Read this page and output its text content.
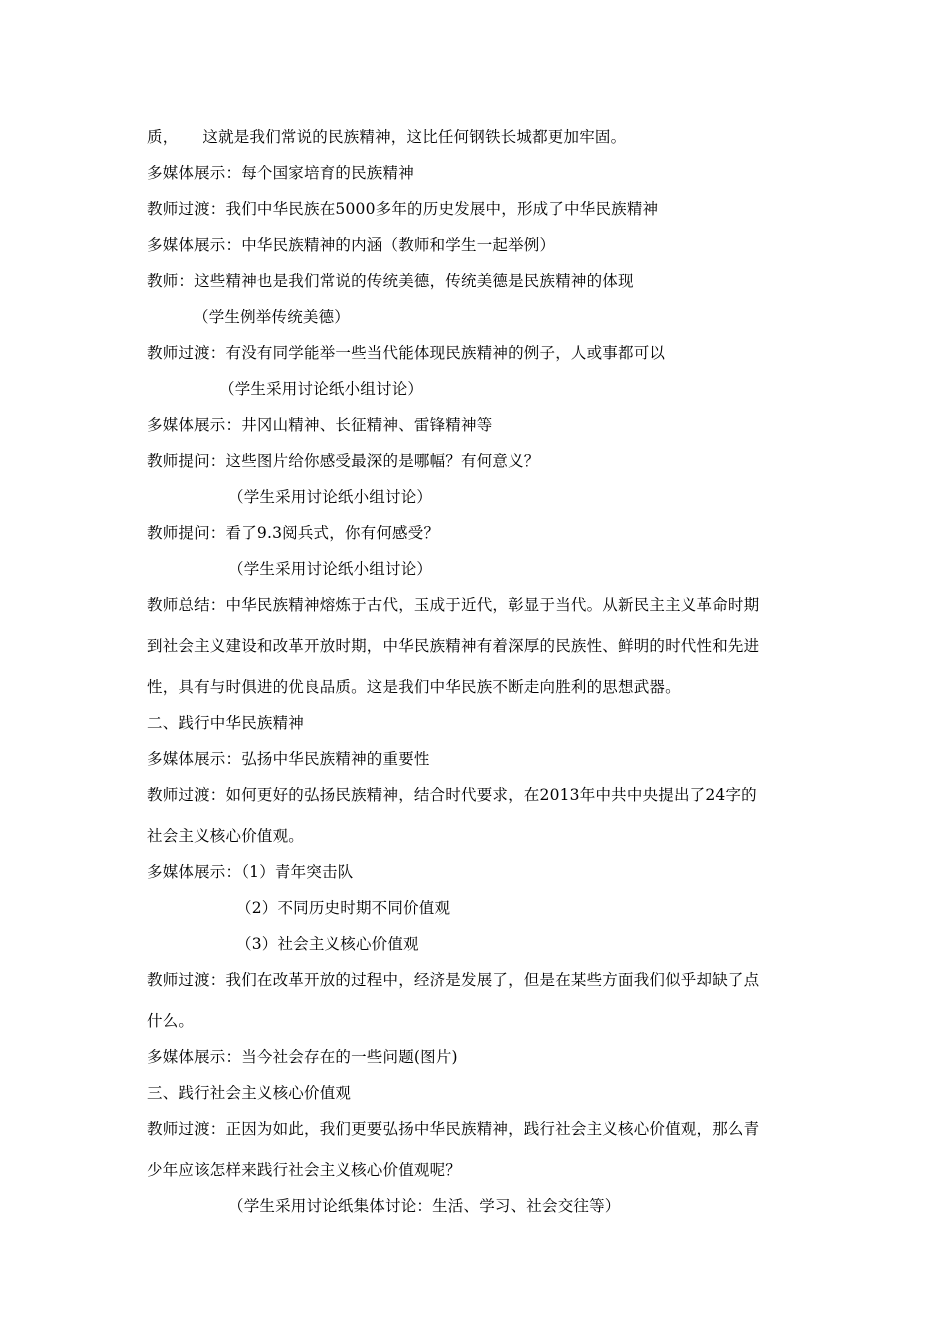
质， 这就是我们常说的民族精神，这比任何钢铁长城都更加牢固。
多媒体展示：每个国家培育的民族精神
教师过渡：我们中华民族在5000多年的历史发展中，形成了中华民族精神
多媒体展示：中华民族精神的内涵（教师和学生一起举例）
教师：这些精神也是我们常说的传统美德，传统美德是民族精神的体现
（学生例举传统美德）
教师过渡：有没有同学能举一些当代能体现民族精神的例子，人或事都可以
（学生采用讨论纸小组讨论）
多媒体展示：井冈山精神、长征精神、雷锋精神等
教师提问：这些图片给你感受最深的是哪幅？有何意义？
（学生采用讨论纸小组讨论）
教师提问：看了9.3阅兵式，你有何感受？
（学生采用讨论纸小组讨论）
教师总结：中华民族精神熔炼于古代，玉成于近代，彰显于当代。从新民主主义革命时期
到社会主义建设和改革开放时期，中华民族精神有着深厚的民族性、鲜明的时代性和先进
性，具有与时俱进的优良品质。这是我们中华民族不断走向胜利的思想武器。
二、践行中华民族精神
多媒体展示：弘扬中华民族精神的重要性
教师过渡：如何更好的弘扬民族精神，结合时代要求，在2013年中共中央提出了24字的
社会主义核心价值观。
多媒体展示：（1）青年突击队
（2）不同历史时期不同价值观
（3）社会主义核心价值观
教师过渡：我们在改革开放的过程中，经济是发展了，但是在某些方面我们似乎却缺了点
什么。
多媒体展示：当今社会存在的一些问题(图片)
三、践行社会主义核心价值观
教师过渡：正因为如此，我们更要弘扬中华民族精神，践行社会主义核心价值观，那么青
少年应该怎样来践行社会主义核心价值观呢？
（学生采用讨论纸集体讨论：生活、学习、社会交往等）
